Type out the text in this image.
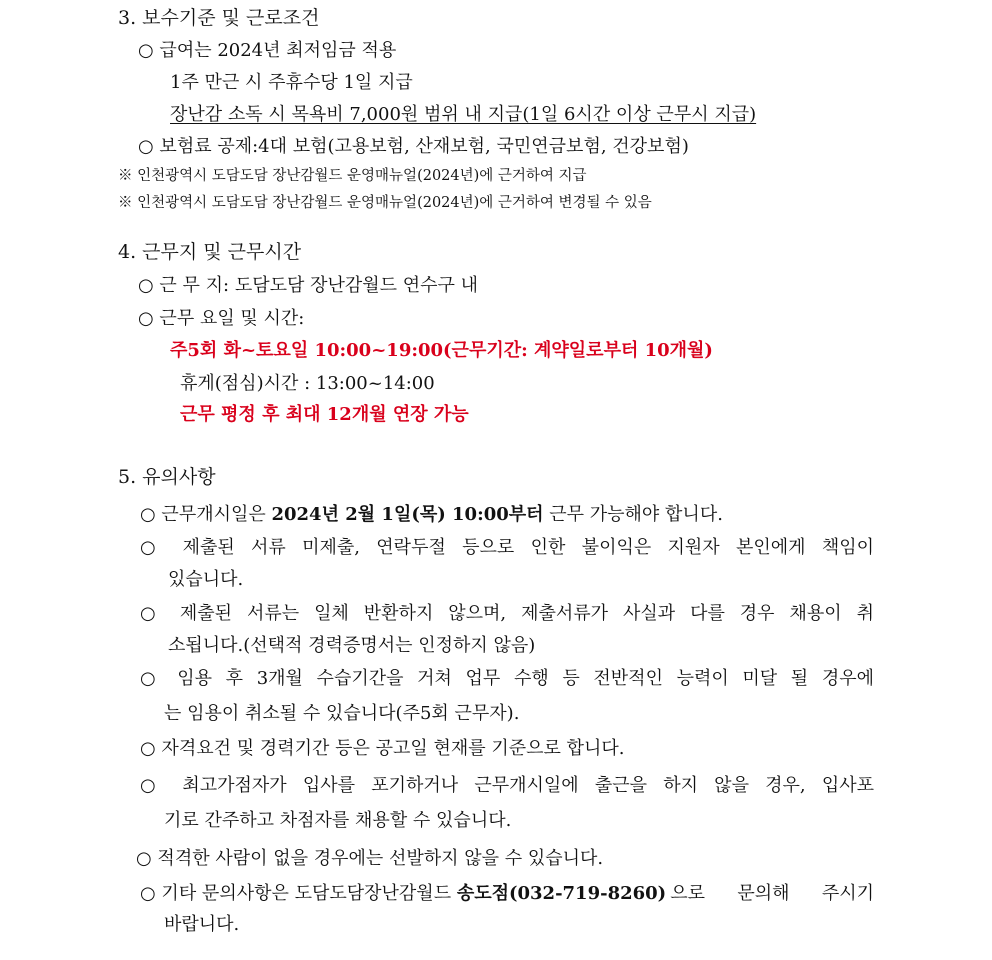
3. 보수기준 및 근로조건
○ 급여는 2024년 최저임금 적용
1주 만근 시 주휴수당 1일 지급
장난감 소독 시 목욕비 7,000원 범위 내 지급(1일 6시간 이상 근무시 지급)
○ 보험료 공제:4대 보험(고용보험, 산재보험, 국민연금보험, 건강보험)
※ 인천광역시 도담도담 장난감월드 운영매뉴얼(2024년)에 근거하여 지급
※ 인천광역시 도담도담 장난감월드 운영매뉴얼(2024년)에 근거하여 변경될 수 있음
4. 근무지 및 근무시간
○ 근 무 지: 도담도담 장난감월드 연수구 내
○ 근무 요일 및 시간:
주5회 화~토요일 10:00~19:00(근무기간: 계약일로부터 10개월)
휴게(점심)시간 : 13:00~14:00
근무 평정 후 최대 12개월 연장 가능
5. 유의사항
○ 근무개시일은 2024년 2월 1일(목) 10:00부터 근무 가능해야 합니다.
○ 제출된 서류 미제출, 연락두절 등으로 인한 불이익은 지원자 본인에게 책임이
있습니다.
○ 제출된 서류는 일체 반환하지 않으며, 제출서류가 사실과 다를 경우 채용이 취
소됩니다.(선택적 경력증명서는 인정하지 않음)
○ 임용 후 3개월 수습기간을 거쳐 업무 수행 등 전반적인 능력이 미달 될 경우에
는 임용이 취소될 수 있습니다(주5회 근무자).
○ 자격요건 및 경력기간 등은 공고일 현재를 기준으로 합니다.
○ 최고가점자가 입사를 포기하거나 근무개시일에 출근을 하지 않을 경우, 입사포
기로 간주하고 차점자를 채용할 수 있습니다.
○ 적격한 사람이 없을 경우에는 선발하지 않을 수 있습니다.
○ 기타 문의사항은 도담도담장난감월드 송도점(032-719-8260) 으로 문의해 주시기
바랍니다.
